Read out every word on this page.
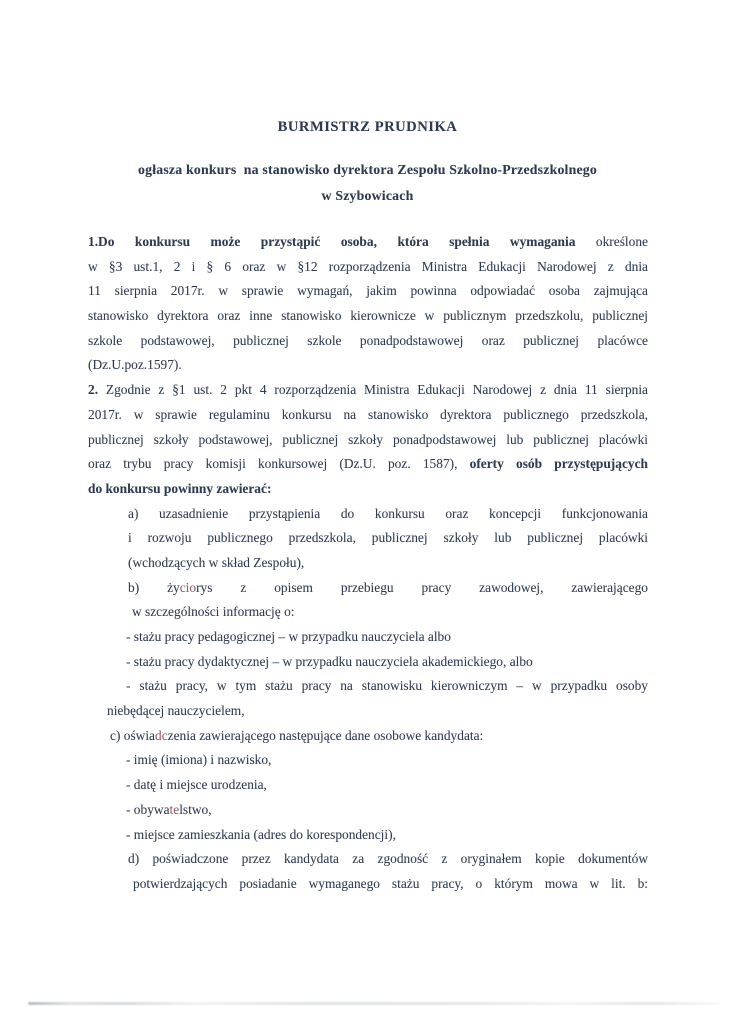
BURMISTRZ PRUDNIKA
ogłasza konkurs  na stanowisko dyrektora Zespołu Szkolno-Przedszkolnego
w Szybowicach
1.Do konkursu może przystąpić osoba, która spełnia wymagania określone
w §3 ust.1, 2 i § 6 oraz w §12 rozporządzenia Ministra Edukacji Narodowej z dnia
11 sierpnia 2017r. w sprawie wymagań, jakim powinna odpowiadać osoba zajmująca
stanowisko dyrektora oraz inne stanowisko kierownicze w publicznym przedszkolu, publicznej
szkole podstawowej, publicznej szkole ponadpodstawowej oraz publicznej placówce
(Dz.U.poz.1597).
2. Zgodnie z §1 ust. 2 pkt 4 rozporządzenia Ministra Edukacji Narodowej z dnia 11 sierpnia
2017r. w sprawie regulaminu konkursu na stanowisko dyrektora publicznego przedszkola,
publicznej szkoły podstawowej, publicznej szkoły ponadpodstawowej lub publicznej placówki
oraz trybu pracy komisji konkursowej (Dz.U. poz. 1587), oferty osób przystępujących
do konkursu powinny zawierać:
a) uzasadnienie przystąpienia do konkursu oraz koncepcji funkcjonowania
i rozwoju publicznego przedszkola, publicznej szkoły lub publicznej placówki
(wchodzących w skład Zespołu),
b) życiorys z opisem przebiegu pracy zawodowej, zawierającego
w szczególności informację o:
- stażu pracy pedagogicznej – w przypadku nauczyciela albo
- stażu pracy dydaktycznej – w przypadku nauczyciela akademickiego, albo
- stażu pracy, w tym stażu pracy na stanowisku kierowniczym – w przypadku osoby
niebędącej nauczycielem,
c) oświadczenia zawierającego następujące dane osobowe kandydata:
- imię (imiona) i nazwisko,
- datę i miejsce urodzenia,
- obywatelstwo,
- miejsce zamieszkania (adres do korespondencji),
d) poświadczone przez kandydata za zgodność z oryginałem kopie dokumentów
potwierdzających posiadanie wymaganego stażu pracy, o którym mowa w lit. b:
